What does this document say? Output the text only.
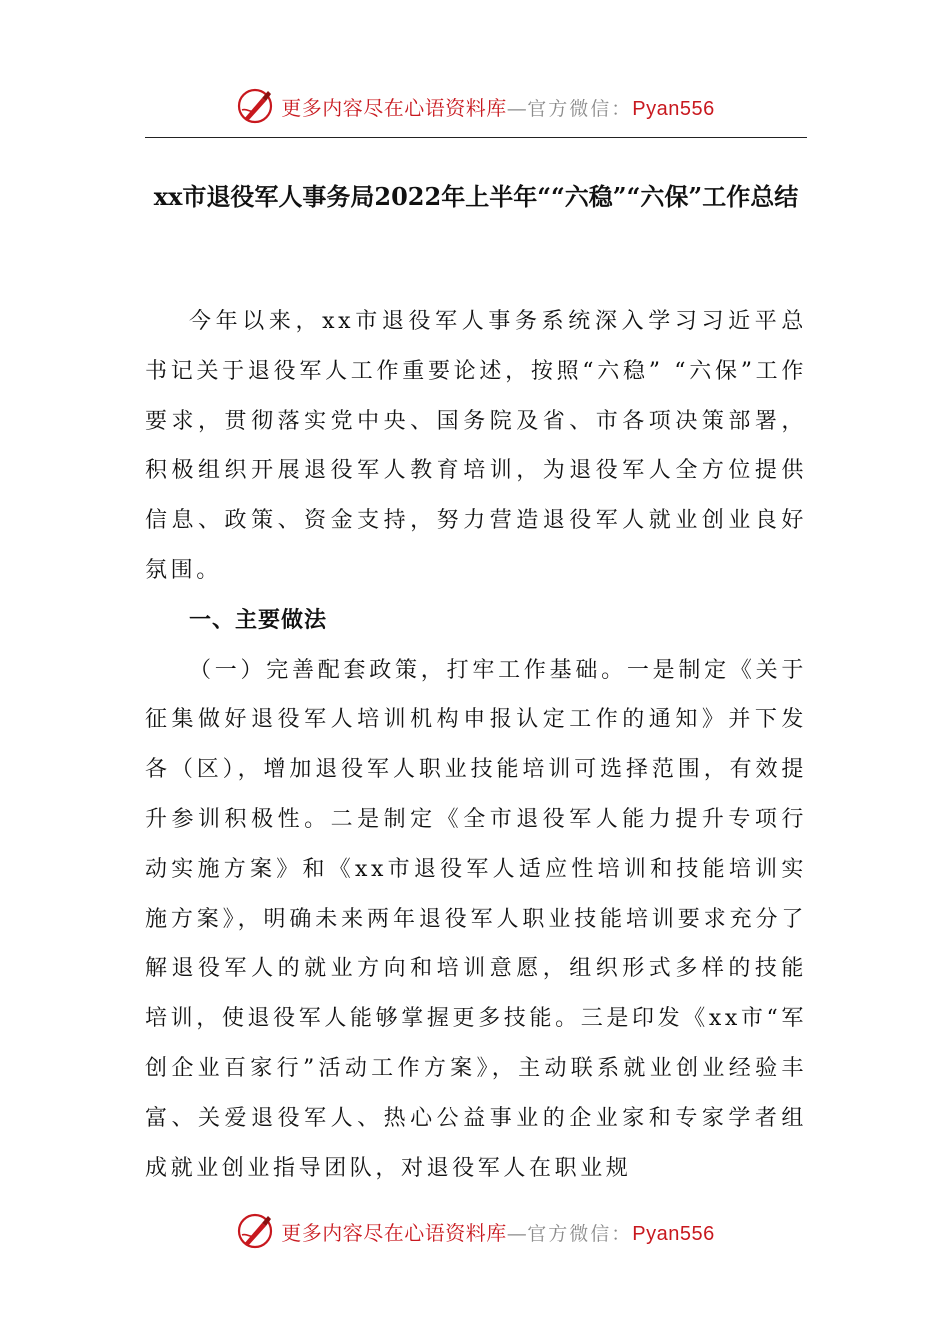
更多内容尽在心语资料库—官方微信：Pyan556
xx市退役军人事务局2022年上半年““六稳”“六保”工作总结

今年以来，xx市退役军人事务系统深入学习习近平总书记关于退役军人工作重要论述，按照“六稳” “六保”工作要求，贯彻落实党中央、国务院及省、市各项决策部署，积极组织开展退役军人教育培训，为退役军人全方位提供信息、政策、资金支持，努力营造退役军人就业创业良好氛围。

一、主要做法

（一）完善配套政策，打牢工作基础。一是制定《关于征集做好退役军人培训机构申报认定工作的通知》并下发各（区），增加退役军人职业技能培训可选择范围，有效提升参训积极性。二是制定《全市退役军人能力提升专项行动实施方案》和《xx市退役军人适应性培训和技能培训实施方案》，明确未来两年退役军人职业技能培训要求充分了解退役军人的就业方向和培训意愿，组织形式多样的技能培训，使退役军人能够掌握更多技能。三是印发《xx市“军创企业百家行”活动工作方案》，主动联系就业创业经验丰富、关爱退役军人、热心公益事业的企业家和专家学者组成就业创业指导团队，对退役军人在职业规

更多内容尽在心语资料库—官方微信：Pyan556
